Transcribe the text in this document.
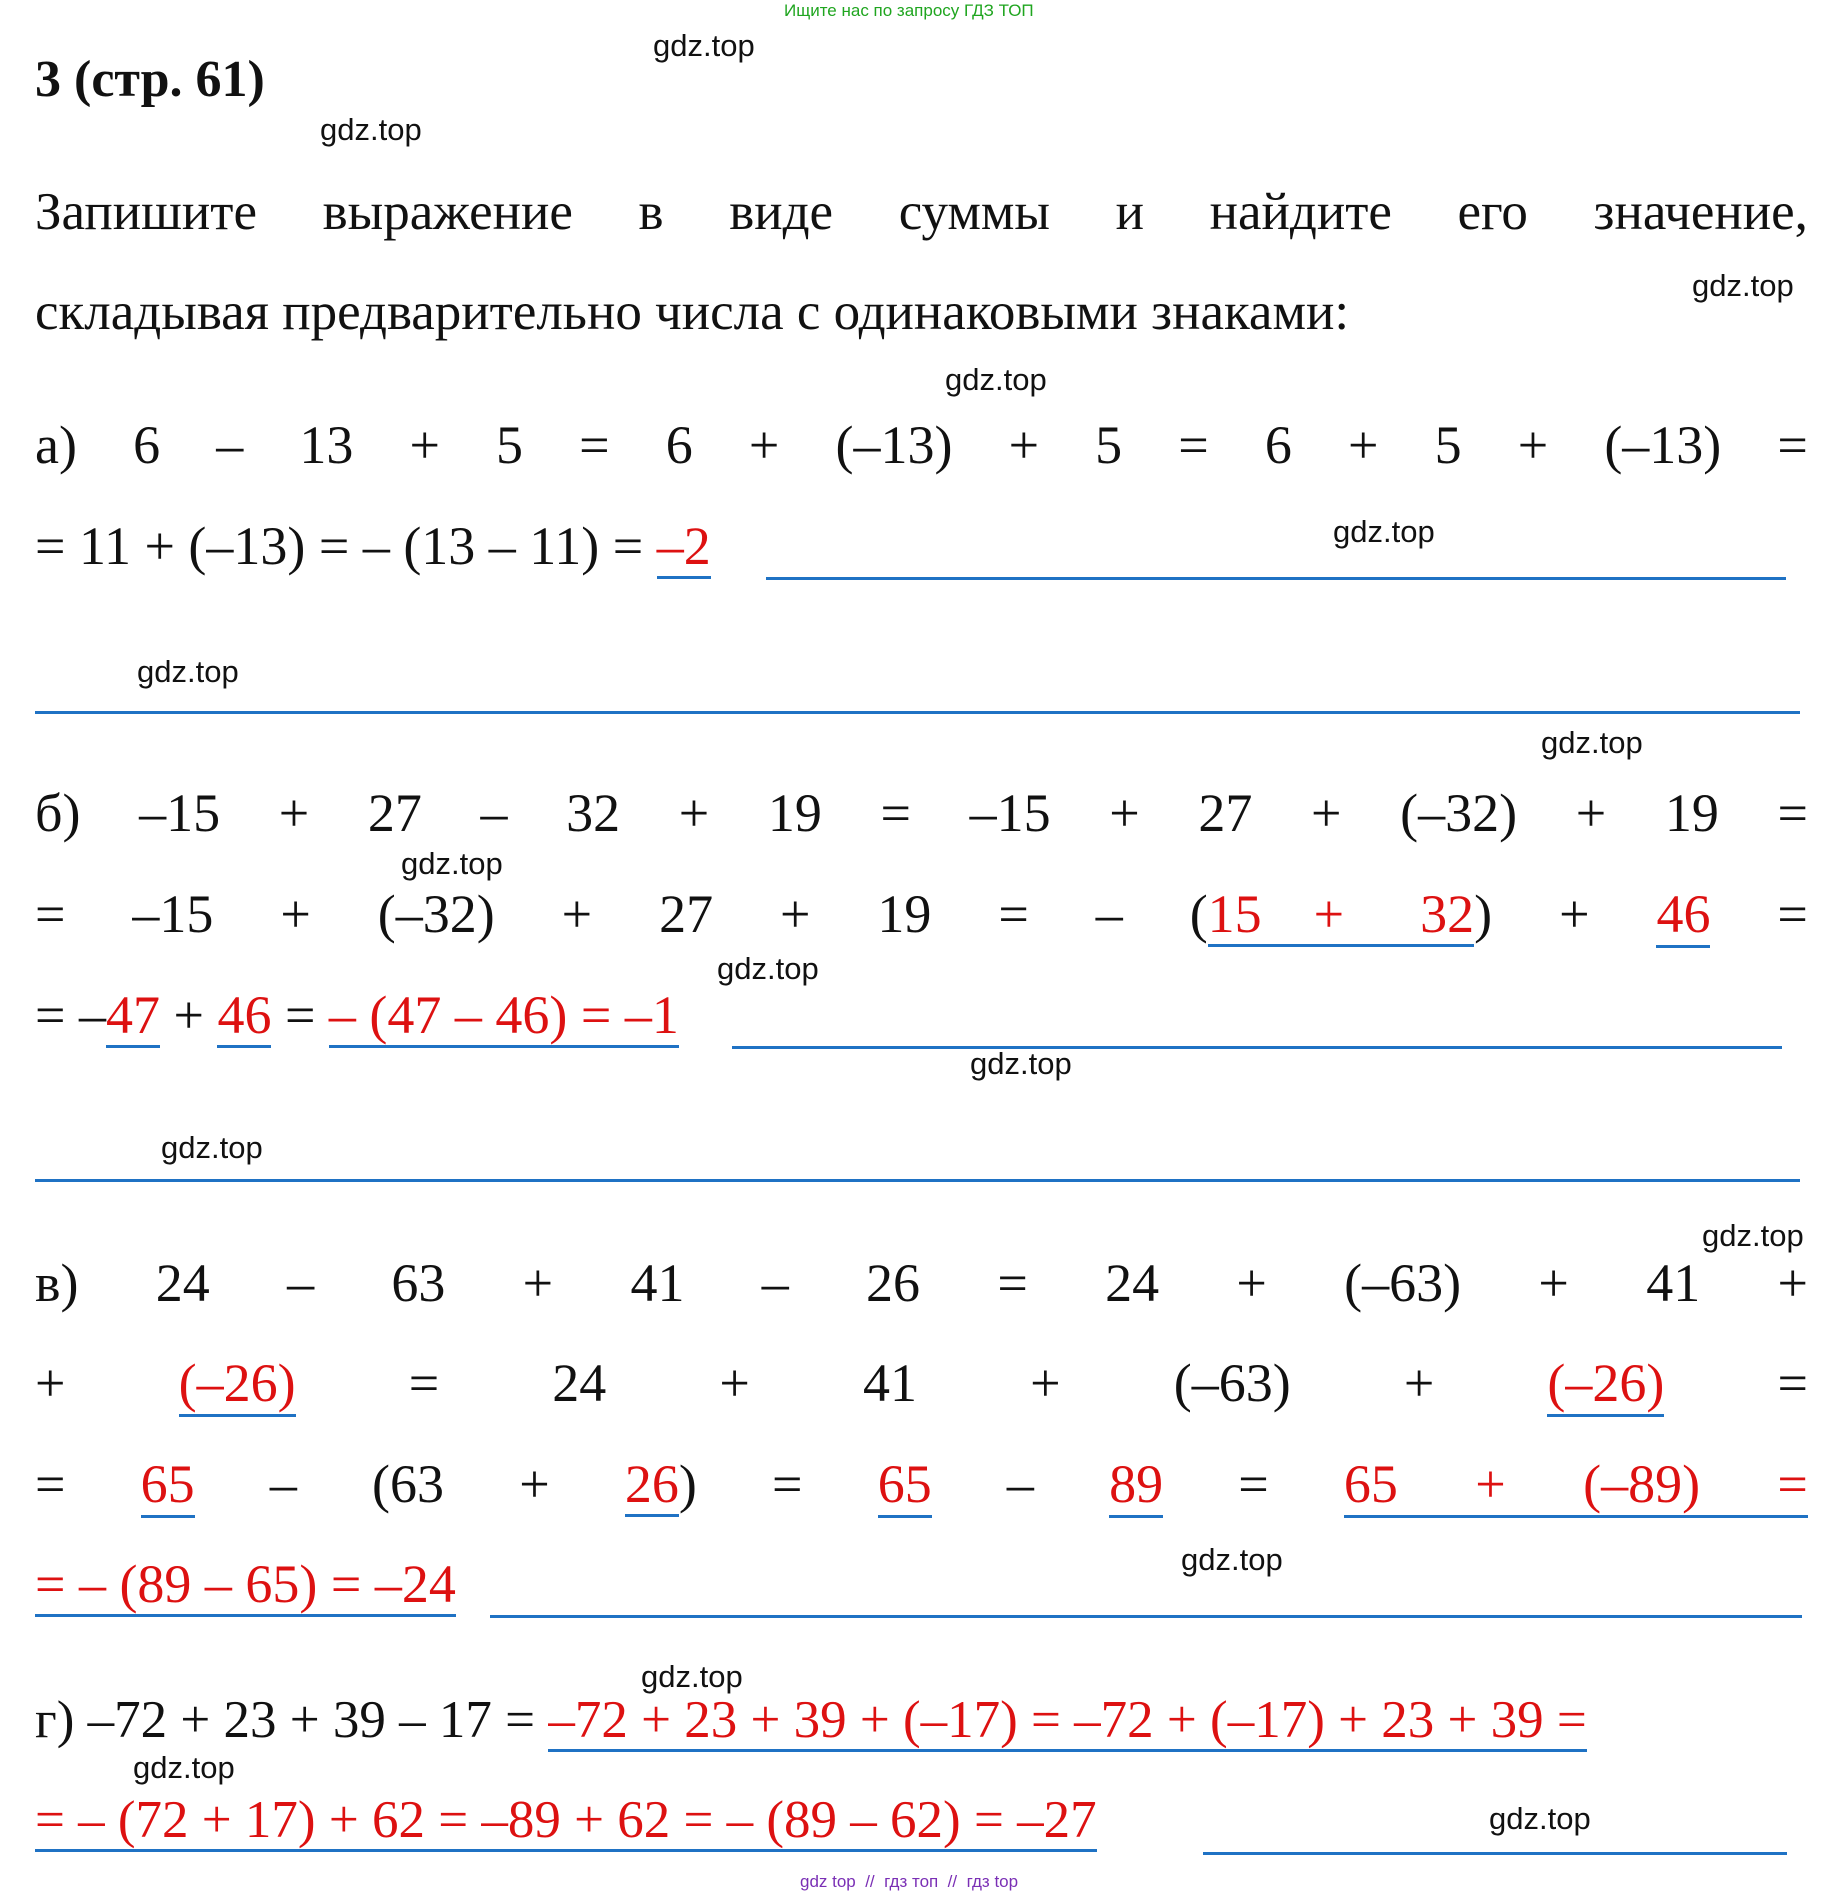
Ищите нас по запросу ГДЗ ТОП
gdz.top
gdz.top
gdz.top
gdz.top
gdz.top
gdz.top
gdz.top
gdz.top
gdz.top
gdz.top
gdz.top
gdz.top
gdz.top
gdz.top
gdz.top
gdz.top
3 (стр. 61)
Запишите выражение в виде суммы и найдите его значение,
складывая предварительно числа с одинаковыми знаками:
а) 6 – 13 + 5 = 6 + (–13) + 5 = 6 + 5 + (–13) =
= 11 + (–13) = – (13 – 11) = –2
б) –15 + 27 – 32 + 19 = –15 + 27 + (–32) + 19 =
= –15 + (–32) + 27 + 19 = – (15 + 32) + 46 =
= –47 + 46 = – (47 – 46) = –1
в) 24 – 63 + 41 – 26 = 24 + (–63) + 41 +
+ (–26) = 24 + 41 + (–63) + (–26) =
= 65 – (63 + 26) = 65 – 89 = 65 + (–89) =
= – (89 – 65) = –24
г) –72 + 23 + 39 – 17 = –72 + 23 + 39 + (–17) = –72 + (–17) + 23 + 39 =
= – (72 + 17) + 62 = –89 + 62 = – (89 – 62) = –27
gdz top  //  гдз топ  //  гдз top
